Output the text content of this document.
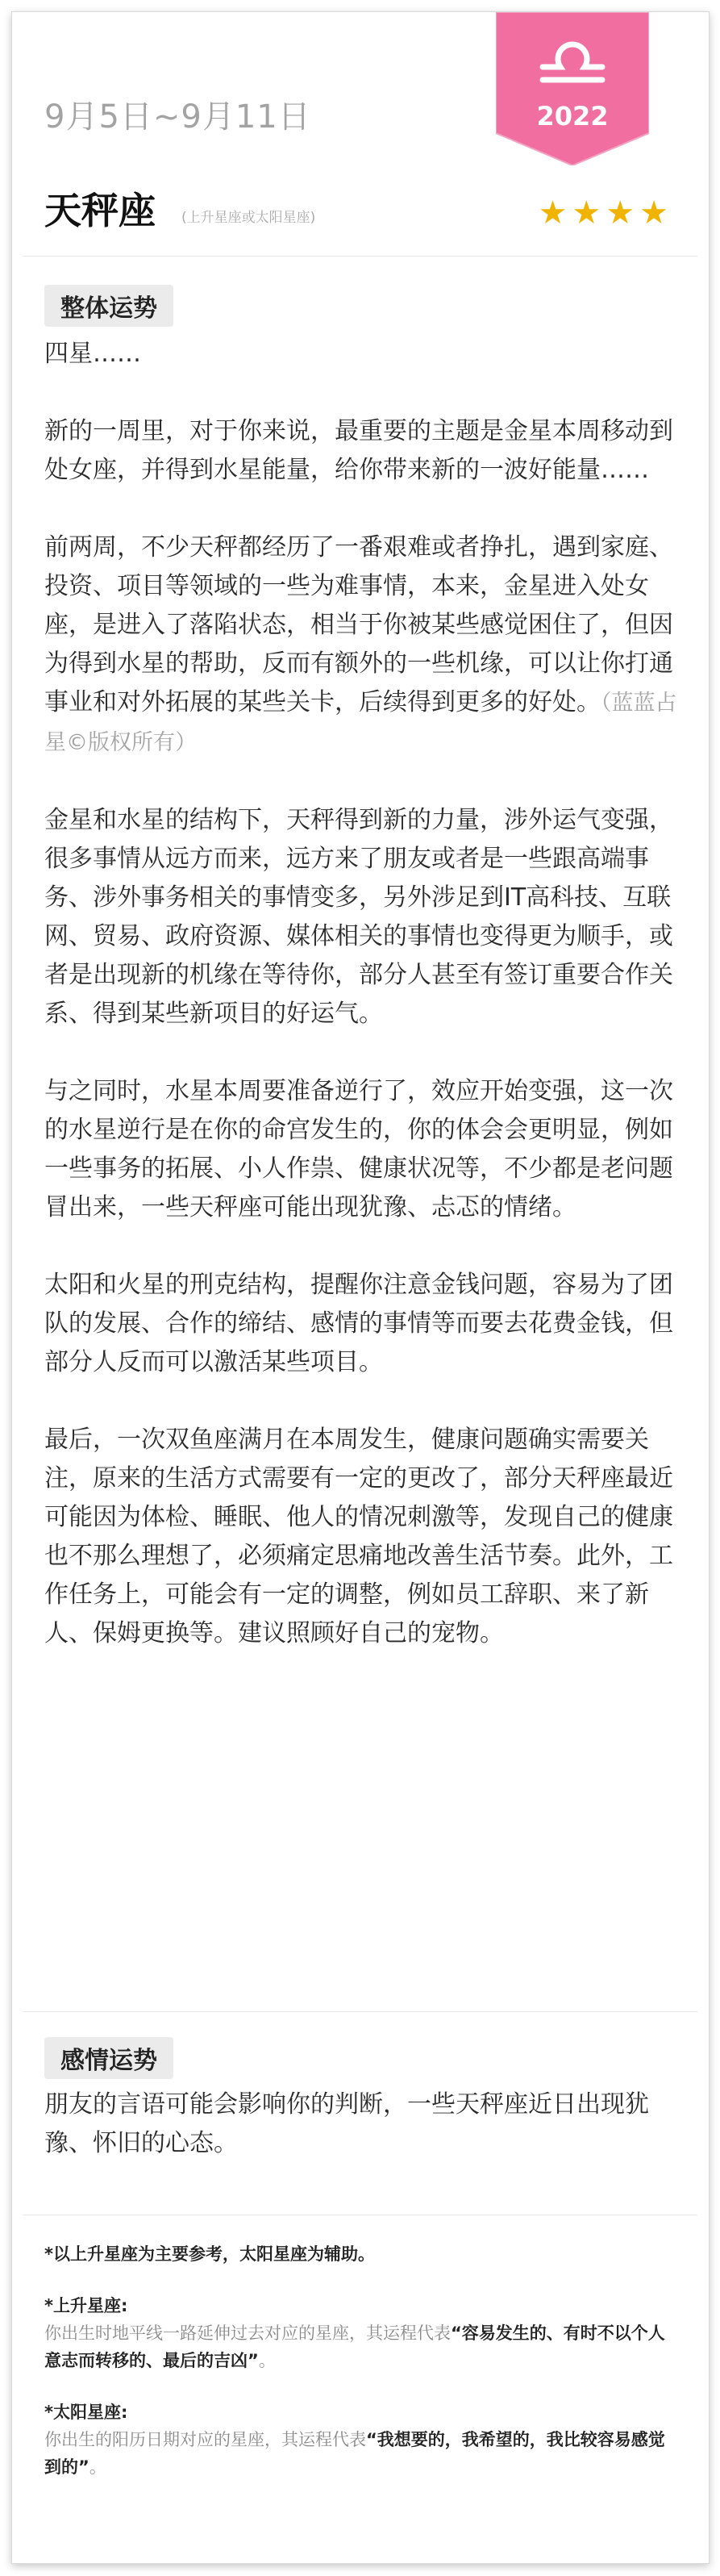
2022
9月5日~9月11日
天秤座 (上升星座或太阳星座)	★★★★
整体运势

四星……

新的一周里，对于你来说，最重要的主题是金星本周移动到处女座，并得到水星能量，给你带来新的一波好能量……

前两周，不少天秤都经历了一番艰难或者挣扎，遇到家庭、投资、项目等领域的一些为难事情，本来，金星进入处女座，是进入了落陷状态，相当于你被某些感觉困住了，但因为得到水星的帮助，反而有额外的一些机缘，可以让你打通事业和对外拓展的某些关卡，后续得到更多的好处。（蓝蓝占星©版权所有）

金星和水星的结构下，天秤得到新的力量，涉外运气变强，很多事情从远方而来，远方来了朋友或者是一些跟高端事务、涉外事务相关的事情变多，另外涉足到IT高科技、互联网、贸易、政府资源、媒体相关的事情也变得更为顺手，或者是出现新的机缘在等待你，部分人甚至有签订重要合作关系、得到某些新项目的好运气。

与之同时，水星本周要准备逆行了，效应开始变强，这一次的水星逆行是在你的命宫发生的，你的体会会更明显，例如一些事务的拓展、小人作祟、健康状况等，不少都是老问题冒出来，一些天秤座可能出现犹豫、忐忑的情绪。

太阳和火星的刑克结构，提醒你注意金钱问题，容易为了团队的发展、合作的缔结、感情的事情等而要去花费金钱，但部分人反而可以激活某些项目。

最后，一次双鱼座满月在本周发生，健康问题确实需要关注，原来的生活方式需要有一定的更改了，部分天秤座最近可能因为体检、睡眠、他人的情况刺激等，发现自己的健康也不那么理想了，必须痛定思痛地改善生活节奏。此外，工作任务上，可能会有一定的调整，例如员工辞职、来了新人、保姆更换等。建议照顾好自己的宠物。

感情运势

朋友的言语可能会影响你的判断，一些天秤座近日出现犹豫、怀旧的心态。

*以上升星座为主要参考，太阳星座为辅助。

*上升星座:

你出生时地平线一路延伸过去对应的星座，其运程代表“容易发生的、有时不以个人意志而转移的、最后的吉凶”。

*太阳星座:

你出生的阳历日期对应的星座，其运程代表“我想要的，我希望的，我比较容易感觉到的”。
